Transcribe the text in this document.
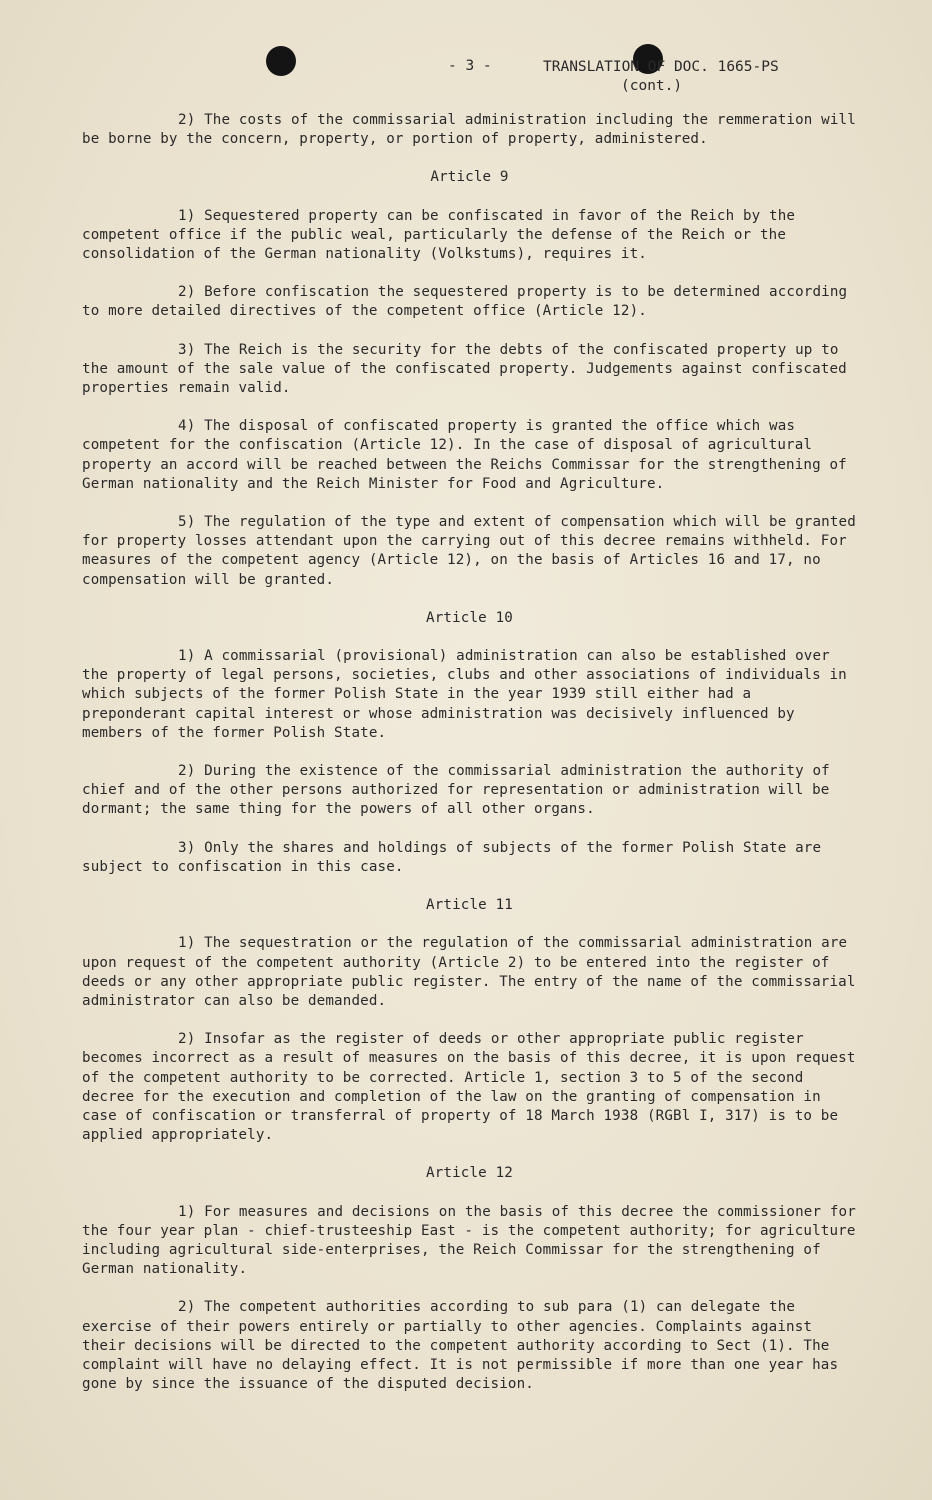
- 3 -	TRANSLATION OF DOC. 1665-PS
(cont.)
2) The costs of the commissarial administration including the remmeration will be borne by the concern, property, or portion of property, administered.
Article 9
1) Sequestered property can be confiscated in favor of the Reich by the competent office if the public weal, particularly the defense of the Reich or the consolidation of the German nationality (Volkstums), requires it.
2) Before confiscation the sequestered property is to be determined according to more detailed directives of the competent office (Article 12).
3) The Reich is the security for the debts of the confiscated property up to the amount of the sale value of the confiscated property. Judgements against confiscated properties remain valid.
4) The disposal of confiscated property is granted the office which was competent for the confiscation (Article 12). In the case of disposal of agricultural property an accord will be reached between the Reichs Commissar for the strengthening of German nationality and the Reich Minister for Food and Agriculture.
5) The regulation of the type and extent of compensation which will be granted for property losses attendant upon the carrying out of this decree remains withheld. For measures of the competent agency (Article 12), on the basis of Articles 16 and 17, no compensation will be granted.
Article 10
1) A commissarial (provisional) administration can also be established over the property of legal persons, societies, clubs and other associations of individuals in which subjects of the former Polish State in the year 1939 still either had a preponderant capital interest or whose administration was decisively influenced by members of the former Polish State.
2) During the existence of the commissarial administration the authority of chief and of the other persons authorized for representation or administration will be dormant; the same thing for the powers of all other organs.
3) Only the shares and holdings of subjects of the former Polish State are subject to confiscation in this case.
Article 11
1) The sequestration or the regulation of the commissarial administration are upon request of the competent authority (Article 2) to be entered into the register of deeds or any other appropriate public register. The entry of the name of the commissarial administrator can also be demanded.
2) Insofar as the register of deeds or other appropriate public register becomes incorrect as a result of measures on the basis of this decree, it is upon request of the competent authority to be corrected. Article 1, section 3 to 5 of the second decree for the execution and completion of the law on the granting of compensation in case of confiscation or transferral of property of 18 March 1938 (RGBl I, 317) is to be applied appropriately.
Article 12
1) For measures and decisions on the basis of this decree the commissioner for the four year plan - chief-trusteeship East - is the competent authority; for agriculture including agricultural side-enterprises, the Reich Commissar for the strengthening of German nationality.
2) The competent authorities according to sub para (1) can delegate the exercise of their powers entirely or partially to other agencies. Complaints against their decisions will be directed to the competent authority according to Sect (1). The complaint will have no delaying effect. It is not permissible if more than one year has gone by since the issuance of the disputed decision.
